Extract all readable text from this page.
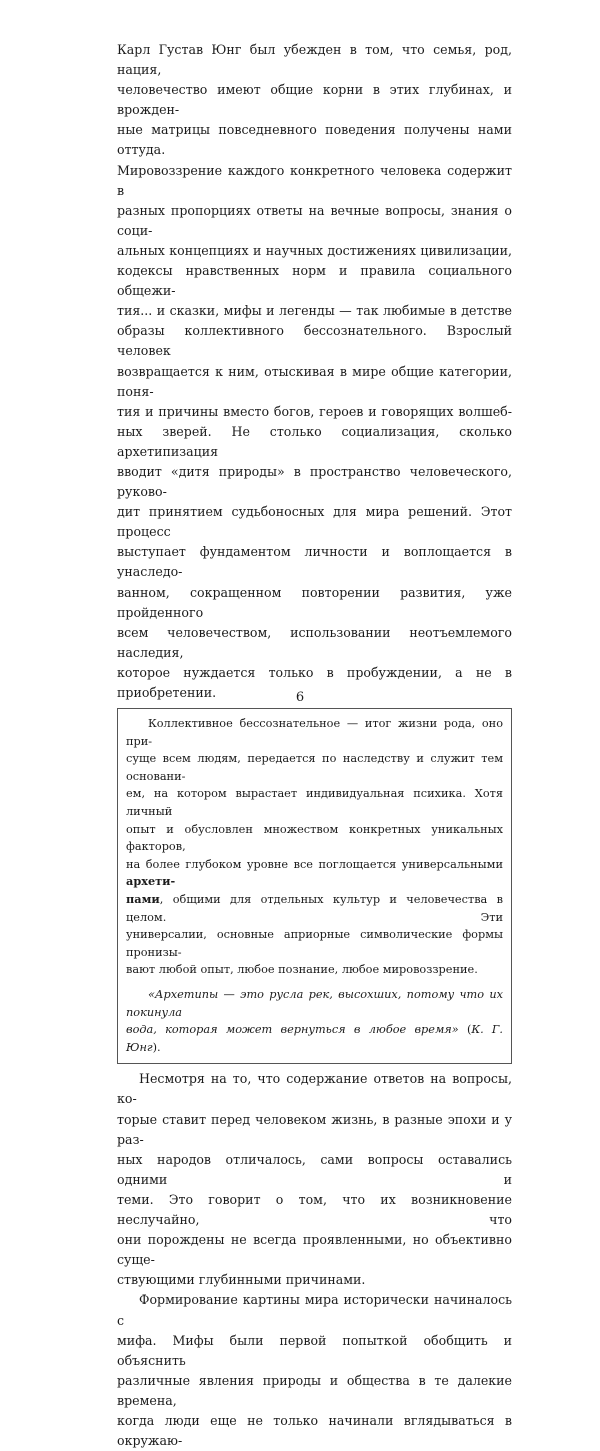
Карл Густав Юнг был убежден в том, что семья, род, нация,
человечество имеют общие корни в этих глубинах, и врожден-
ные матрицы повседневного поведения получены нами оттуда.
Мировоззрение каждого конкретного человека содержит в
разных пропорциях ответы на вечные вопросы, знания о соци-
альных концепциях и научных достижениях цивилизации,
кодексы нравственных норм и правила социального общежи-
тия... и сказки, мифы и легенды — так любимые в детстве
образы коллективного бессознательного. Взрослый человек
возвращается к ним, отыскивая в мире общие категории, поня-
тия и причины вместо богов, героев и говорящих волшеб-
ных зверей. Не столько социализация, сколько архетипизация
вводит «дитя природы» в пространство человеческого, руково-
дит принятием судьбоносных для мира решений. Этот процесс
выступает фундаментом личности и воплощается в унаследо-
ванном, сокращенном повторении развития, уже пройденного
всем человечеством, использовании неотъемлемого наследия,
которое нуждается только в пробуждении, а не в приобретении.
Коллективное бессознательное — итог жизни рода, оно при-
суще всем людям, передается по наследству и служит тем основани-
ем, на котором вырастает индивидуальная психика. Хотя личный
опыт и обусловлен множеством конкретных уникальных факторов,
на более глубоком уровне все поглощается универсальными архети-
пами, общими для отдельных культур и человечества в целом. Эти
универсалии, основные априорные символические формы пронизы-
вают любой опыт, любое познание, любое мировоззрение.
«Архетипы — это русла рек, высохших, потому что их покинула
вода, которая может вернуться в любое время» (К. Г. Юнг).
Несмотря на то, что содержание ответов на вопросы, ко-
торые ставит перед человеком жизнь, в разные эпохи и у раз-
ных народов отличалось, сами вопросы оставались одними и
теми. Это говорит о том, что их возникновение неслучайно, что
они порождены не всегда проявленными, но объективно суще-
ствующими глубинными причинами.
Формирование картины мира исторически начиналось с
мифа. Мифы были первой попыткой обобщить и объяснить
различные явления природы и общества в те далекие времена,
когда люди еще не только начинали вглядываться в окружаю-
6
